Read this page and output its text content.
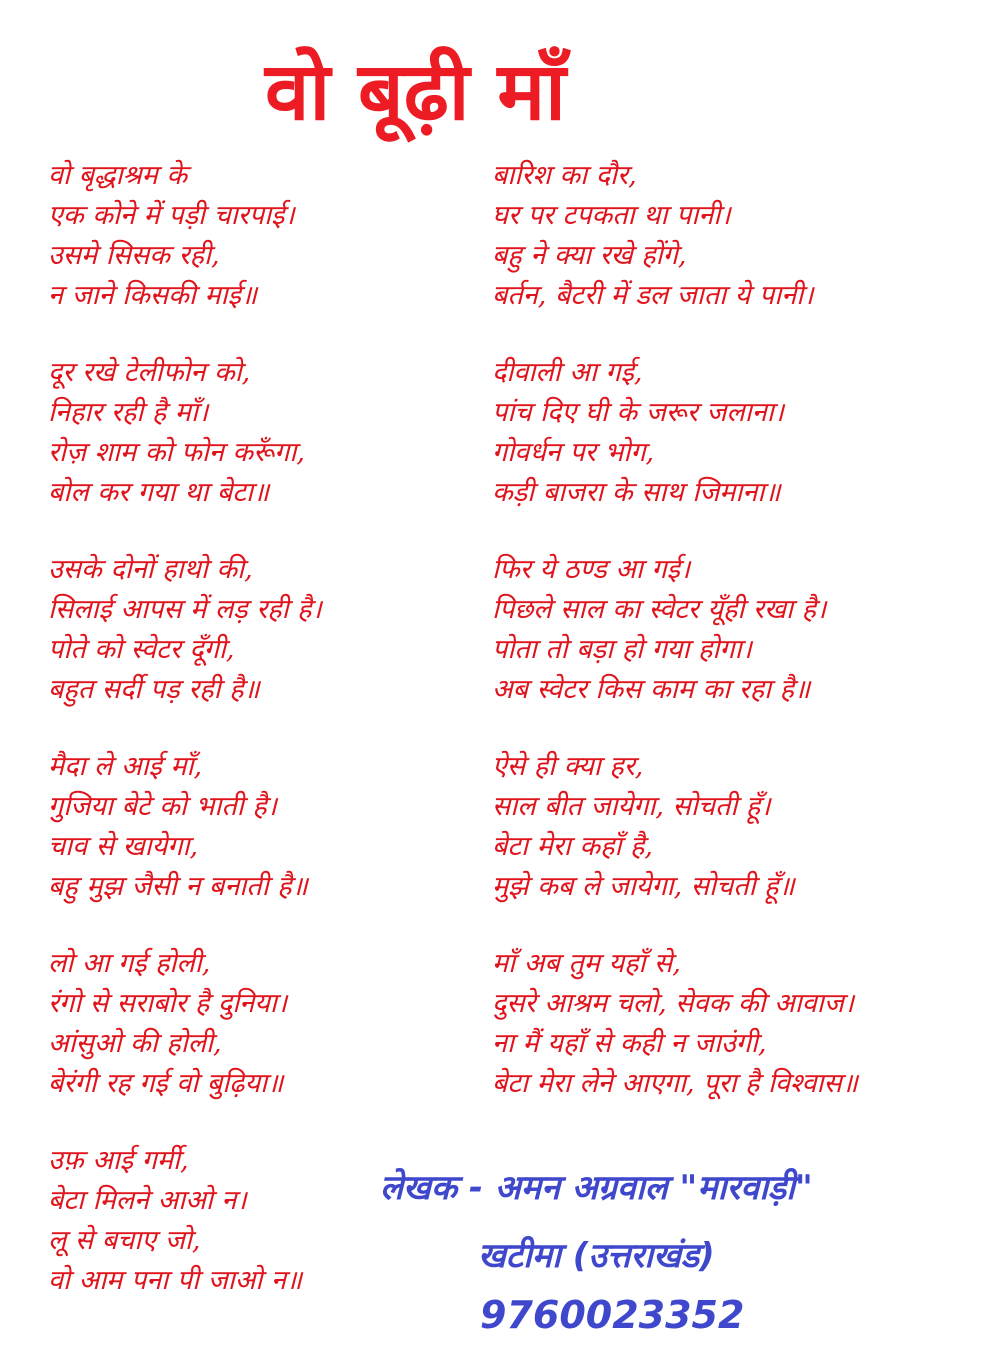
वो बूढ़ी माँ
वो बृद्धाश्रम के
एक कोने में पड़ी चारपाई।
उसमे सिसक रही,
न जाने किसकी माई॥
दूर रखे टेलीफोन को,
निहार रही है माँ।
रोज़ शाम को फोन करूँगा,
बोल कर गया था बेटा॥
उसके दोनों हाथो की,
सिलाई आपस में लड़ रही है।
पोते को स्वेटर दूँगी,
बहुत सर्दी पड़ रही है॥
मैदा ले आई माँ,
गुजिया बेटे को भाती है।
चाव से खायेगा,
बहु मुझ जैसी न बनाती है॥
लो आ गई होली,
रंगो से सराबोर है दुनिया।
आंसुओ की होली,
बेरंगी रह गई वो बुढ़िया॥
उफ़ आई गर्मी,
बेटा मिलने आओ न।
लू से बचाए जो,
वो आम पना पी जाओ न॥
बारिश का दौर,
घर पर टपकता था पानी।
बहु ने क्या रखे होंगे,
बर्तन, बैटरी में डल जाता ये पानी।
दीवाली आ गई,
पांच दिए घी के जरूर जलाना।
गोवर्धन पर भोग,
कड़ी बाजरा के साथ जिमाना॥
फिर ये ठण्ड आ गई।
पिछले साल का स्वेटर यूँही रखा है।
पोता तो बड़ा हो गया होगा।
अब स्वेटर किस काम का रहा है॥
ऐसे ही क्या हर,
साल बीत जायेगा, सोचती हूँ।
बेटा मेरा कहाँ है,
मुझे कब ले जायेगा, सोचती हूँ॥
माँ अब तुम यहाँ से,
दुसरे आश्रम चलो, सेवक की आवाज।
ना मैं यहाँ से कही न जाउंगी,
बेटा मेरा लेने आएगा, पूरा है विश्वास॥
लेखक - अमन अग्रवाल "मारवाड़ी"
खटीमा (उत्तराखंड)
9760023352
